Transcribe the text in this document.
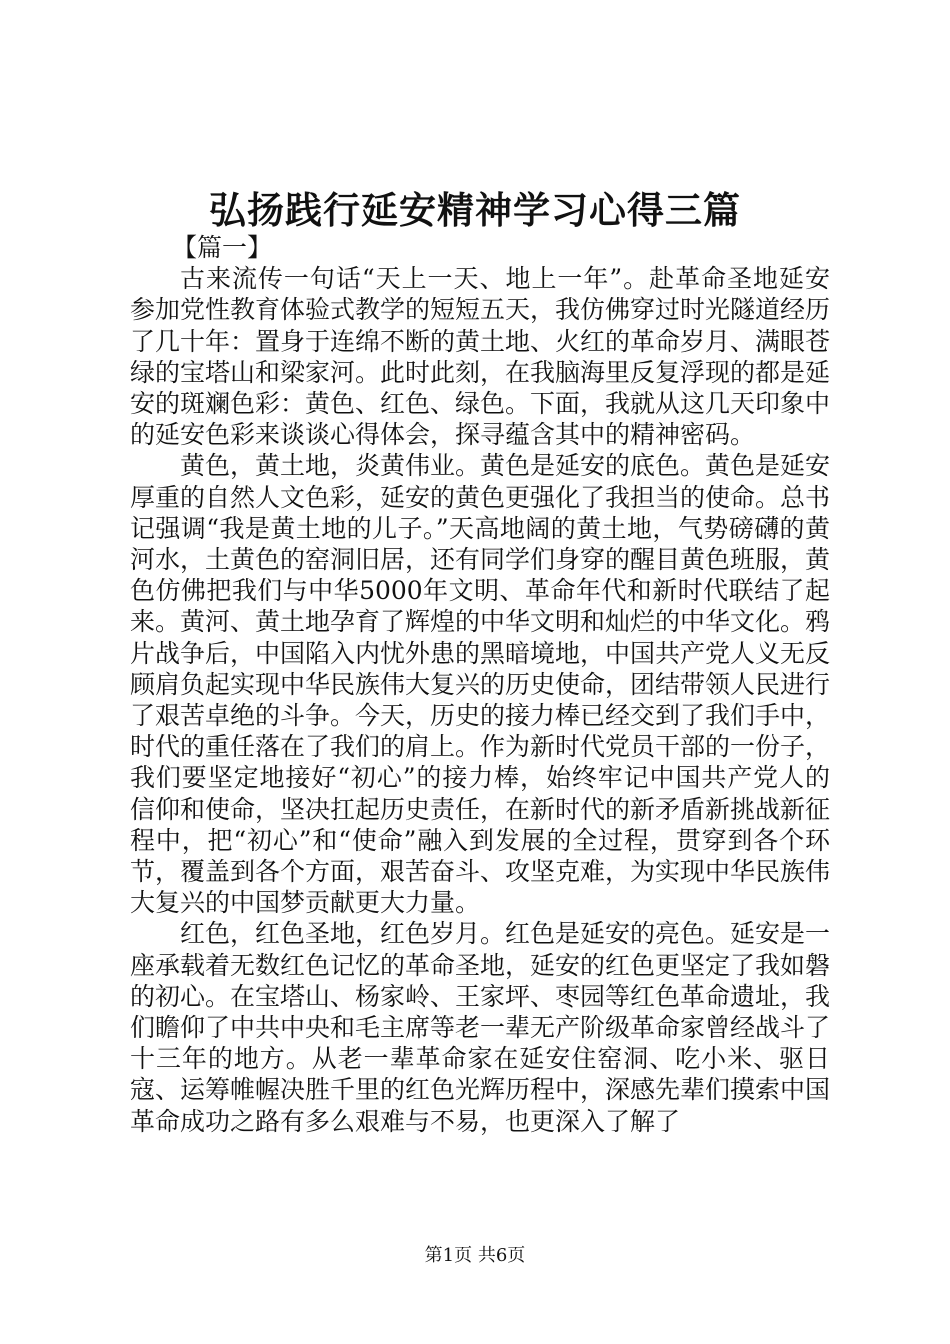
弘扬践行延安精神学习心得三篇

【篇一】

古来流传一句话“天上一天、地上一年”。赴革命圣地延安参加党性教育体验式教学的短短五天，我仿佛穿过时光隧道经历了几十年：置身于连绵不断的黄土地、火红的革命岁月、满眼苍绿的宝塔山和梁家河。此时此刻，在我脑海里反复浮现的都是延安的斑斓色彩：黄色、红色、绿色。下面，我就从这几天印象中的延安色彩来谈谈心得体会，探寻蕴含其中的精神密码。

黄色，黄土地，炎黄伟业。黄色是延安的底色。黄色是延安厚重的自然人文色彩，延安的黄色更强化了我担当的使命。总书记强调“我是黄土地的儿子。”天高地阔的黄土地，气势磅礴的黄河水，土黄色的窑洞旧居，还有同学们身穿的醒目黄色班服，黄色仿佛把我们与中华5000年文明、革命年代和新时代联结了起来。黄河、黄土地孕育了辉煌的中华文明和灿烂的中华文化。鸦片战争后，中国陷入内忧外患的黑暗境地，中国共产党人义无反顾肩负起实现中华民族伟大复兴的历史使命，团结带领人民进行了艰苦卓绝的斗争。今天，历史的接力棒已经交到了我们手中，时代的重任落在了我们的肩上。作为新时代党员干部的一份子，我们要坚定地接好“初心”的接力棒，始终牢记中国共产党人的信仰和使命，坚决扛起历史责任，在新时代的新矛盾新挑战新征程中，把“初心”和“使命”融入到发展的全过程，贯穿到各个环节，覆盖到各个方面，艰苦奋斗、攻坚克难，为实现中华民族伟大复兴的中国梦贡献更大力量。

红色，红色圣地，红色岁月。红色是延安的亮色。延安是一座承载着无数红色记忆的革命圣地，延安的红色更坚定了我如磐的初心。在宝塔山、杨家岭、王家坪、枣园等红色革命遗址，我们瞻仰了中共中央和毛主席等老一辈无产阶级革命家曾经战斗了十三年的地方。从老一辈革命家在延安住窑洞、吃小米、驱日寇、运筹帷幄决胜千里的红色光辉历程中，深感先辈们摸索中国革命成功之路有多么艰难与不易，也更深入了解了

第1页 共6页
